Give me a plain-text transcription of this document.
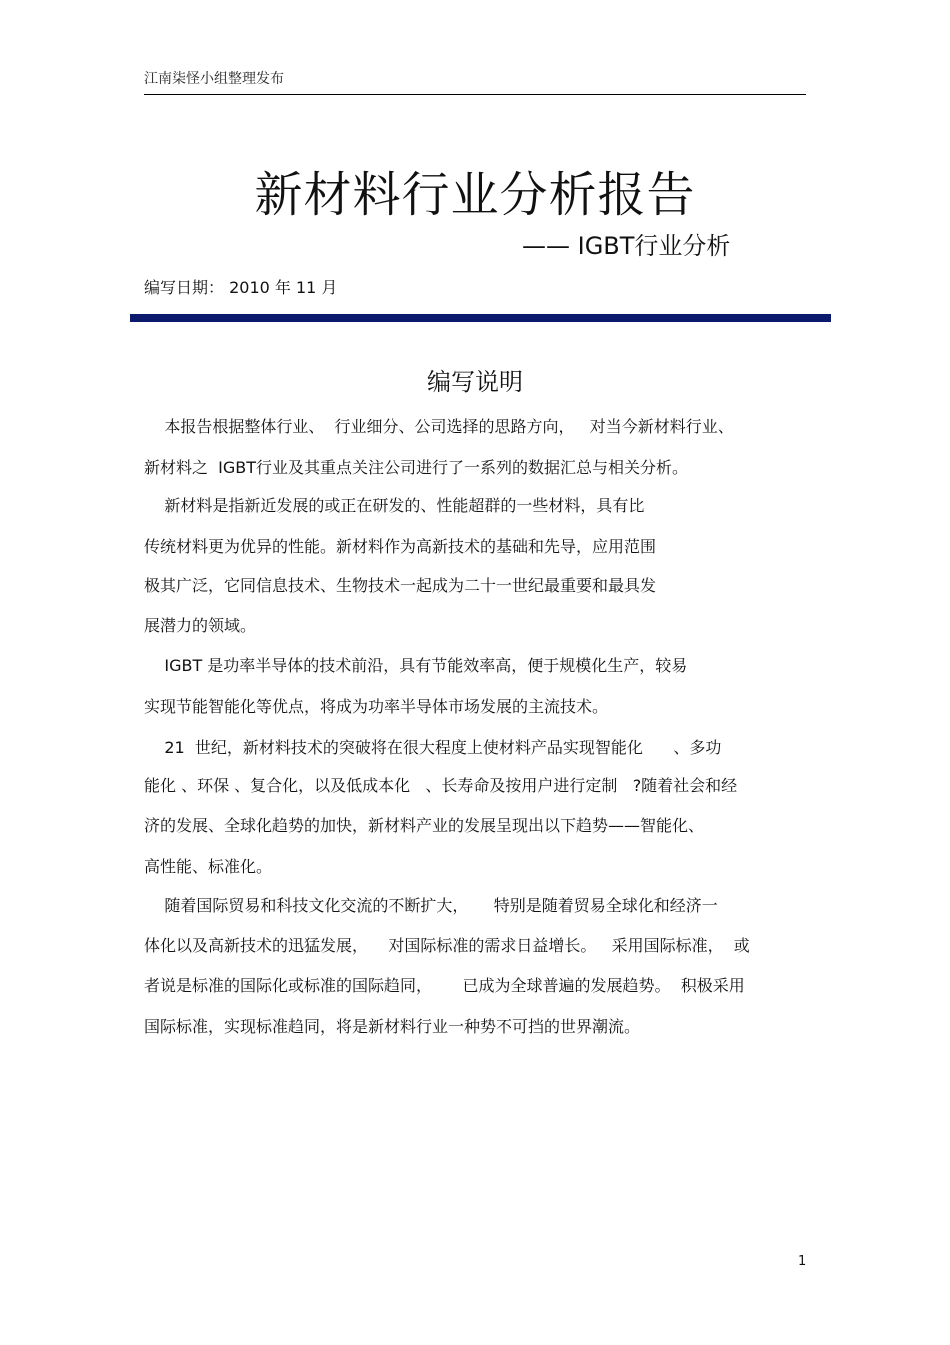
江南柒怪小组整理发布
新材料行业分析报告
—— IGBT行业分析
编写日期： 2010 年 11 月
编写说明
本报告根据整体行业、  行业细分、公司选择的思路方向，   对当今新材料行业、
新材料之  IGBT行业及其重点关注公司进行了一系列的数据汇总与相关分析。
新材料是指新近发展的或正在研发的、性能超群的一些材料，具有比
传统材料更为优异的性能。新材料作为高新技术的基础和先导，应用范围
极其广泛，它同信息技术、生物技术一起成为二十一世纪最重要和最具发
展潜力的领域。
IGBT 是功率半导体的技术前沿，具有节能效率高，便于规模化生产，较易
实现节能智能化等优点，将成为功率半导体市场发展的主流技术。
21  世纪，新材料技术的突破将在很大程度上使材料产品实现智能化      、多功
能化 、环保 、复合化，以及低成本化   、长寿命及按用户进行定制   ?随着社会和经
济的发展、全球化趋势的加快，新材料产业的发展呈现出以下趋势——智能化、
高性能、标准化。
随着国际贸易和科技文化交流的不断扩大，     特别是随着贸易全球化和经济一
体化以及高新技术的迅猛发展，    对国际标准的需求日益增长。   采用国际标准，  或
者说是标准的国际化或标准的国际趋同，      已成为全球普遍的发展趋势。  积极采用
国际标准，实现标准趋同，将是新材料行业一种势不可挡的世界潮流。
1
